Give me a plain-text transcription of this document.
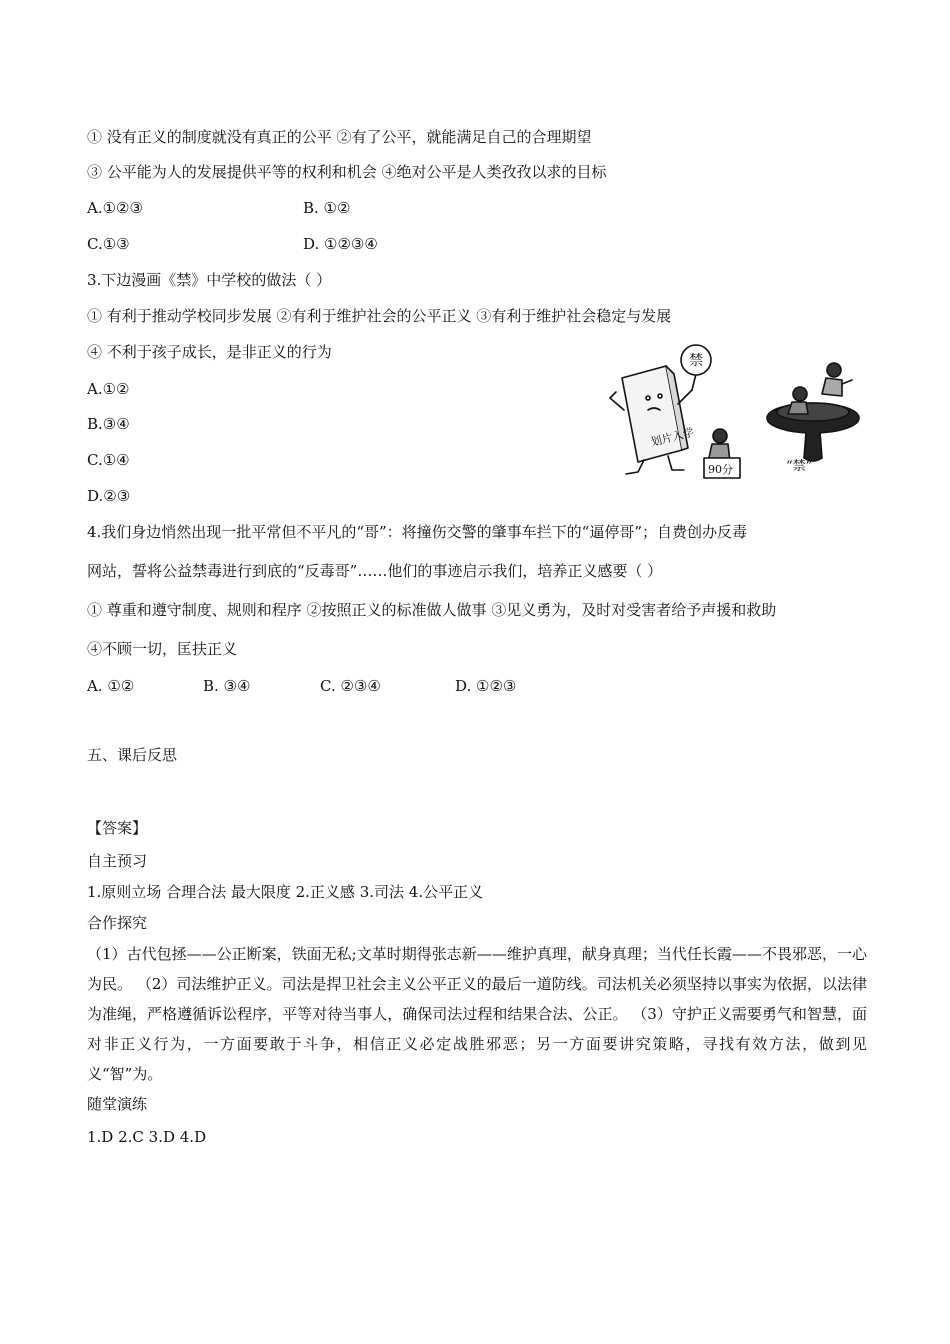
① 没有正义的制度就没有真正的公平 ②有了公平，就能满足自己的合理期望
③ 公平能为人的发展提供平等的权利和机会 ④绝对公平是人类孜孜以求的目标
A.①②③	B. ①②
C.①③	D. ①②③④
3.下边漫画《禁》中学校的做法（ ）
① 有利于推动学校同步发展 ②有利于维护社会的公平正义 ③有利于维护社会稳定与发展
④ 不利于孩子成长，是非正义的行为
A.①②
B.③④
C.①④
D.②③
禁
划片入学
90分	“禁”
4.我们身边悄然出现一批平常但不平凡的“哥”：将撞伤交警的肇事车拦下的“逼停哥”；自费创办反毒
网站，誓将公益禁毒进行到底的“反毒哥”……他们的事迹启示我们，培养正义感要（ ）
① 尊重和遵守制度、规则和程序 ②按照正义的标准做人做事 ③见义勇为，及时对受害者给予声援和救助
④不顾一切，匡扶正义
A. ①②	B. ③④	C. ②③④	D. ①②③
五、课后反思
【答案】
自主预习
1.原则立场 合理合法 最大限度 2.正义感 3.司法 4.公平正义
合作探究
（1）古代包拯——公正断案，铁面无私;文革时期得张志新——维护真理，献身真理；当代任长霞——不畏邪恶，一心为民。 （2）司法维护正义。司法是捍卫社会主义公平正义的最后一道防线。司法机关必须坚持以事实为依据，以法律为准绳，严格遵循诉讼程序，平等对待当事人，确保司法过程和结果合法、公正。 （3）守护正义需要勇气和智慧，面对非正义行为，一方面要敢于斗争，相信正义必定战胜邪恶；另一方面要讲究策略，寻找有效方法，做到见义“智”为。
随堂演练
1.D 2.C 3.D 4.D
